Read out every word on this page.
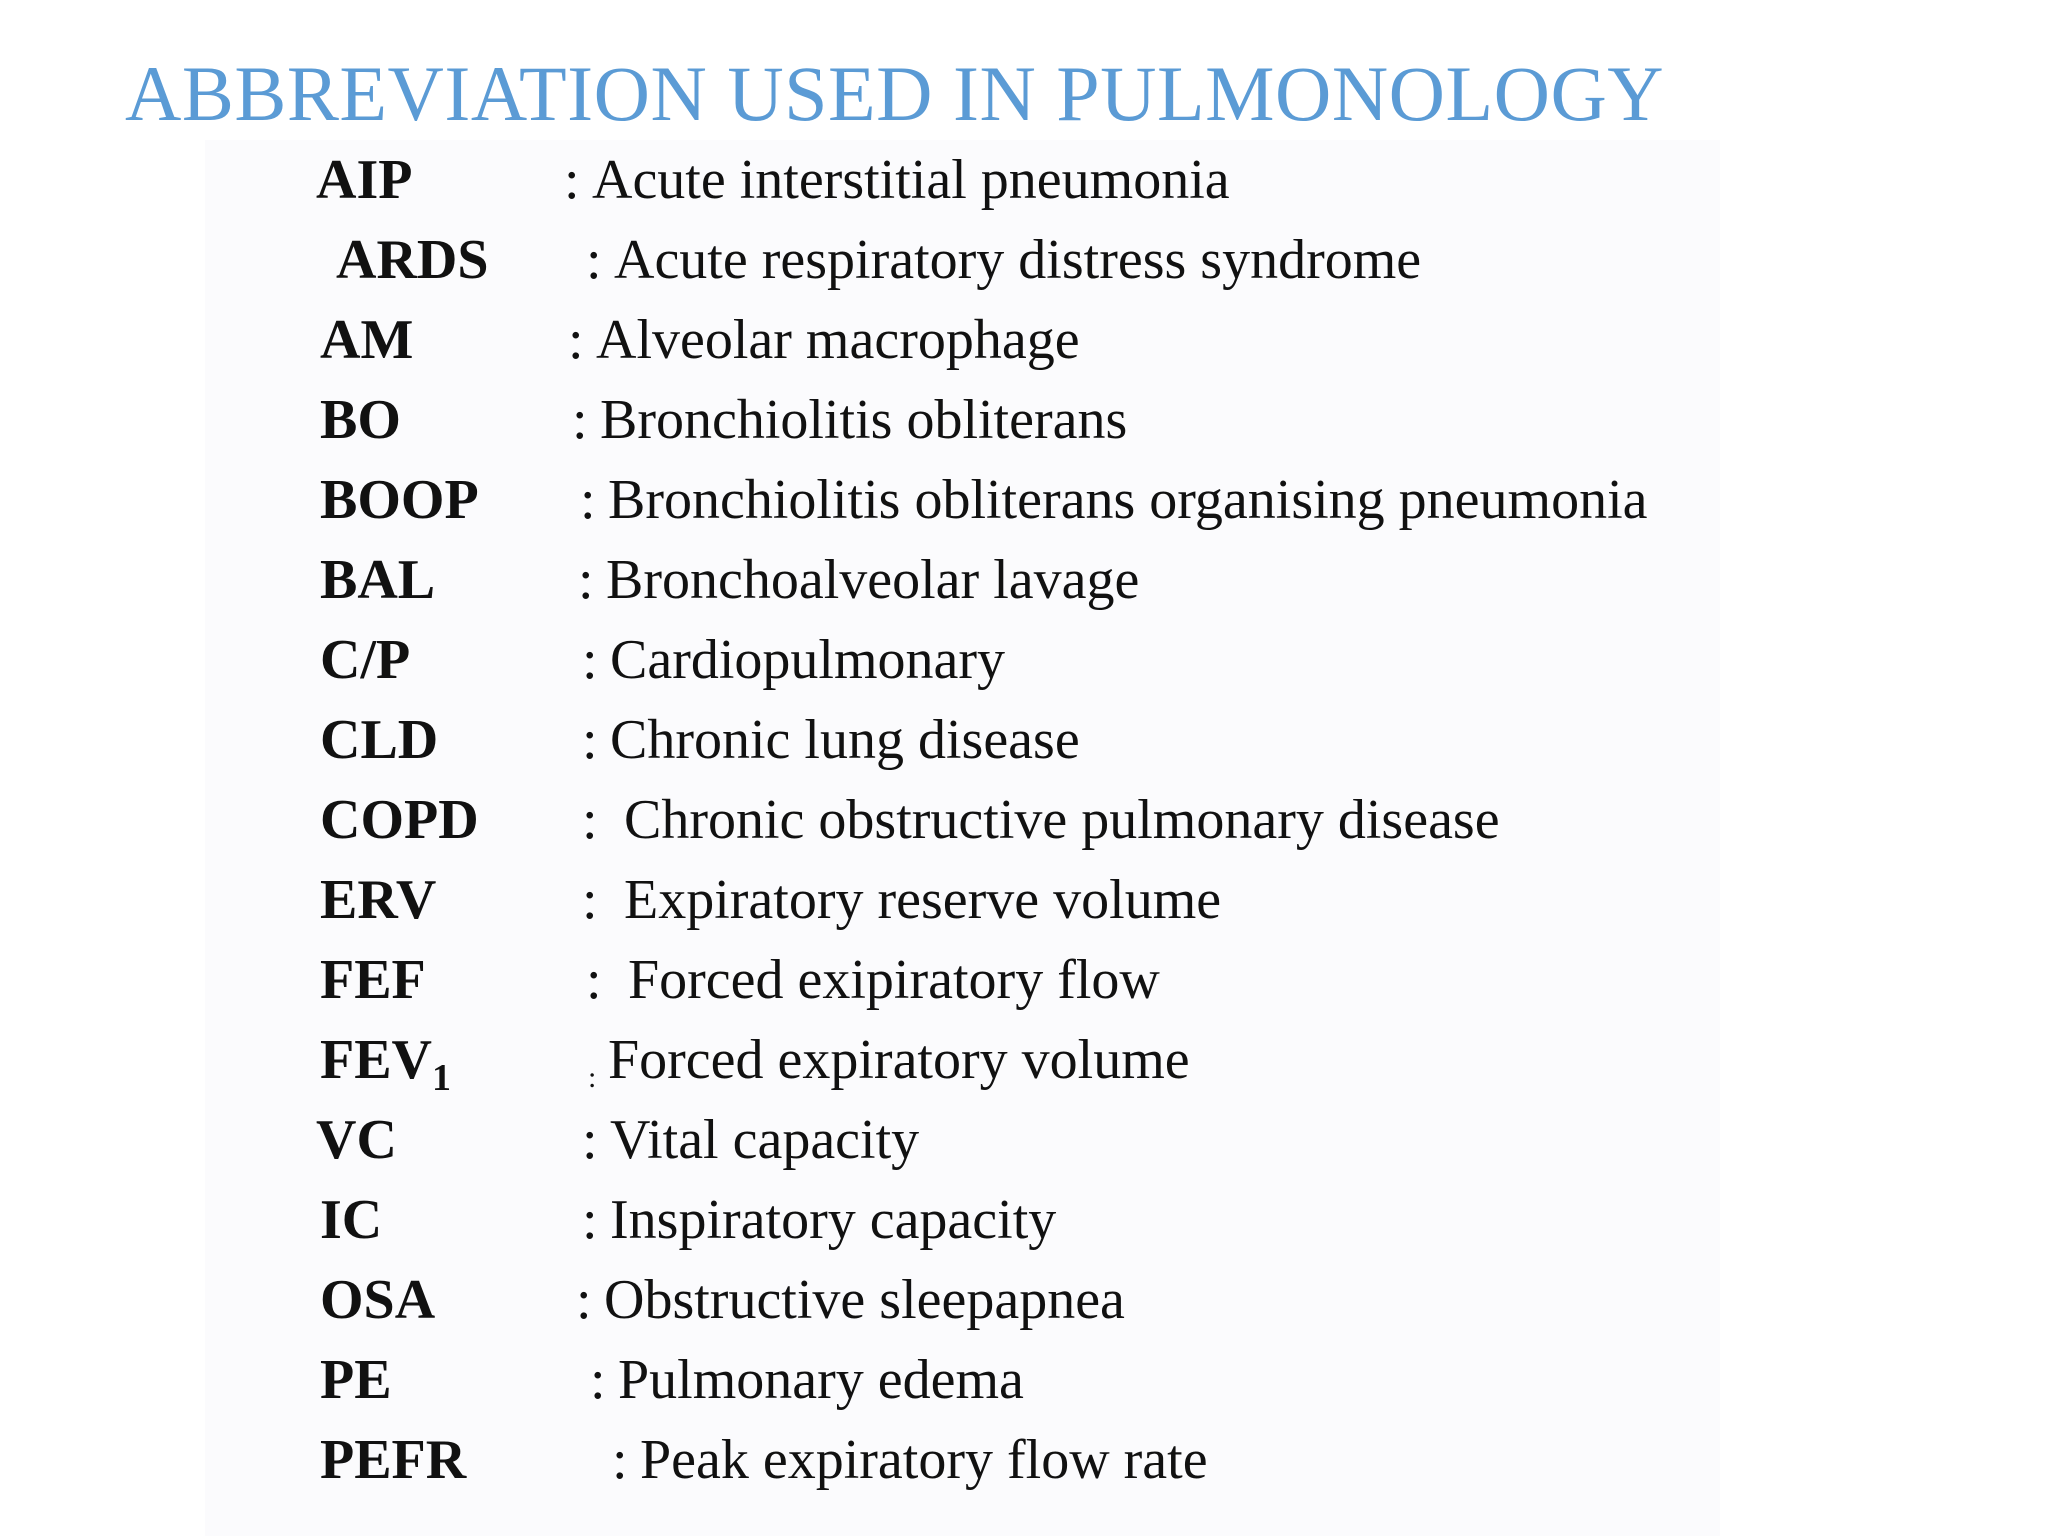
ABBREVIATION USED IN PULMONOLOGY
AIP	: Acute interstitial pneumonia
ARDS : Acute respiratory distress syndrome
AM	: Alveolar macrophage
BO	: Bronchiolitis obliterans
BOOP : Bronchiolitis obliterans organising pneumonia
BAL	: Bronchoalveolar lavage
C/P	: Cardiopulmonary
CLD	: Chronic lung disease
COPD : Chronic obstructive pulmonary disease
ERV	: Expiratory reserve volume
FEF	: Forced exipiratory flow
$FEV_1$	: Forced expiratory volume
VC	: Vital capacity
IC	: Inspiratory capacity
OSA	: Obstructive sleepapnea
PE	: Pulmonary edema
PEFR	: Peak expiratory flow rate
